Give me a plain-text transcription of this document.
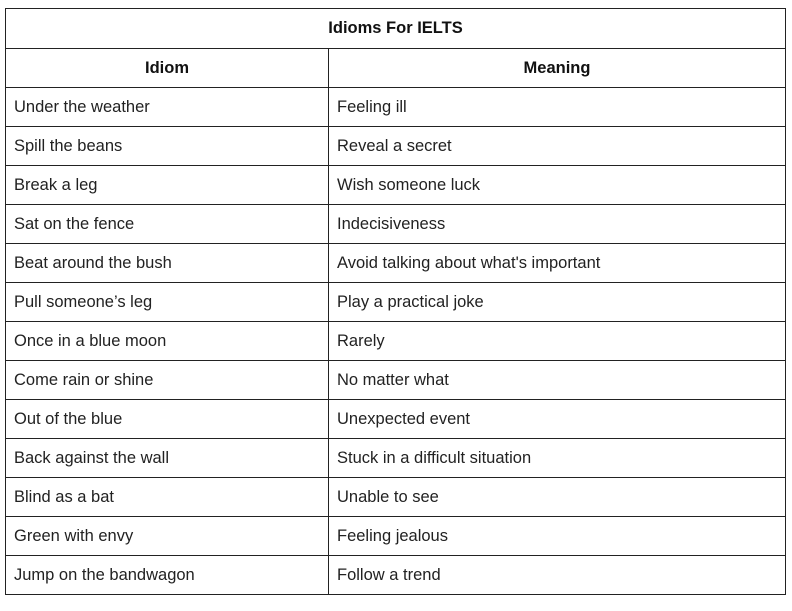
Idioms For IELTS	
Idiom	Meaning
Under the weather	Feeling ill
Spill the beans	Reveal a secret
Break a leg	Wish someone luck
Sat on the fence	Indecisiveness
Beat around the bush	Avoid talking about what's important
Pull someone’s leg	Play a practical joke
Once in a blue moon	Rarely
Come rain or shine	No matter what
Out of the blue	Unexpected event
Back against the wall	Stuck in a difficult situation
Blind as a bat	Unable to see
Green with envy	Feeling jealous
Jump on the bandwagon	Follow a trend
